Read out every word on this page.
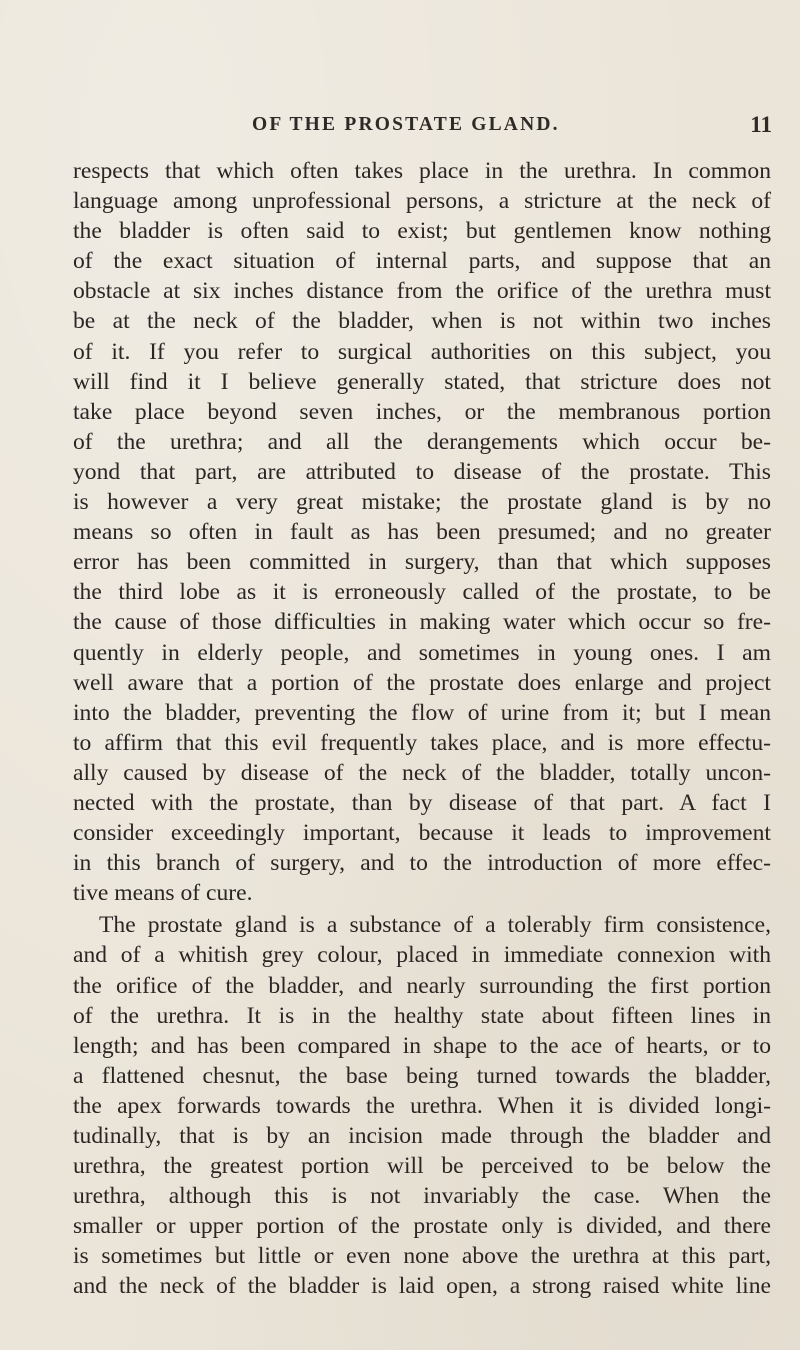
OF THE PROSTATE GLAND.	11
respects that which often takes place in the urethra. In common
language among unprofessional persons, a stricture at the neck of
the bladder is often said to exist; but gentlemen know nothing
of the exact situation of internal parts, and suppose that an
obstacle at six inches distance from the orifice of the urethra must
be at the neck of the bladder, when is not within two inches
of it. If you refer to surgical authorities on this subject, you
will find it I believe generally stated, that stricture does not
take place beyond seven inches, or the membranous portion
of the urethra; and all the derangements which occur be-
yond that part, are attributed to disease of the prostate. This
is however a very great mistake; the prostate gland is by no
means so often in fault as has been presumed; and no greater
error has been committed in surgery, than that which supposes
the third lobe as it is erroneously called of the prostate, to be
the cause of those difficulties in making water which occur so fre-
quently in elderly people, and sometimes in young ones. I am
well aware that a portion of the prostate does enlarge and project
into the bladder, preventing the flow of urine from it; but I mean
to affirm that this evil frequently takes place, and is more effectu-
ally caused by disease of the neck of the bladder, totally uncon-
nected with the prostate, than by disease of that part. A fact I
consider exceedingly important, because it leads to improvement
in this branch of surgery, and to the introduction of more effec-
tive means of cure.
The prostate gland is a substance of a tolerably firm consistence,
and of a whitish grey colour, placed in immediate connexion with
the orifice of the bladder, and nearly surrounding the first portion
of the urethra. It is in the healthy state about fifteen lines in
length; and has been compared in shape to the ace of hearts, or to
a flattened chesnut, the base being turned towards the bladder,
the apex forwards towards the urethra. When it is divided longi-
tudinally, that is by an incision made through the bladder and
urethra, the greatest portion will be perceived to be below the
urethra, although this is not invariably the case. When the
smaller or upper portion of the prostate only is divided, and there
is sometimes but little or even none above the urethra at this part,
and the neck of the bladder is laid open, a strong raised white line
